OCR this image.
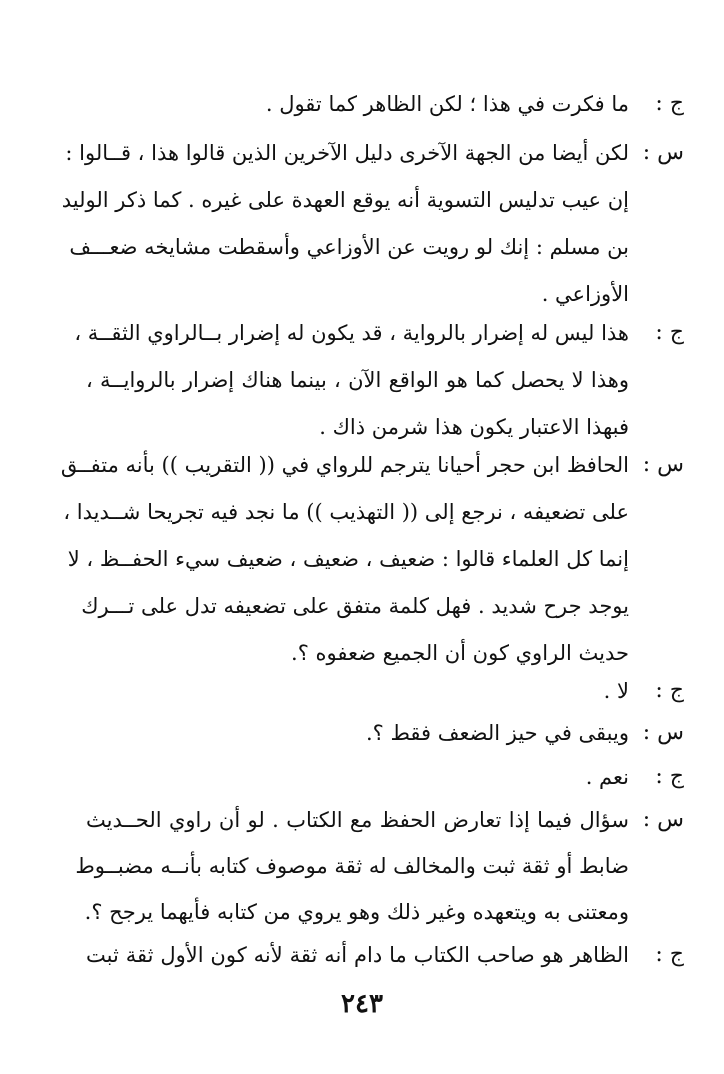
ج :
ما فكرت في هذا ؛ لكن الظاهر كما تقول .
س :
لكن أيضا من الجهة الآخرى دليل الآخرين الذين قالوا هذا ، قــالوا :
إن عيب تدليس التسوية أنه يوقع العهدة على غيره . كما ذكر الوليد
بن مسلم : إنك لو رويت عن الأوزاعي وأسقطت مشايخه ضعـــف
الأوزاعي .
ج :
هذا ليس له إضرار بالرواية ، قد يكون له إضرار بــالراوي الثقــة ،
وهذا لا يحصل كما هو الواقع الآن ، بينما هناك إضرار بالروايــة ،
فبهذا الاعتبار يكون هذا شرمن ذاك .
س :
الحافظ ابن حجر أحيانا يترجم للرواي في (( التقريب )) بأنه متفــق
على تضعيفه ، نرجع إلى (( التهذيب )) ما نجد فيه تجريحا شــديدا ،
إنما كل العلماء قالوا : ضعيف ، ضعيف ، ضعيف سيء الحفــظ ، لا
يوجد جرح شديد . فهل كلمة متفق على تضعيفه تدل على تـــرك
حديث الراوي كون أن الجميع ضعفوه ؟.
ج :
لا .
س :
ويبقى في حيز الضعف فقط ؟.
ج :
نعم .
س :
سؤال فيما إذا تعارض الحفظ مع الكتاب . لو أن راوي الحــديث
ضابط أو ثقة ثبت والمخالف له ثقة موصوف كتابه بأنــه مضبــوط
ومعتنى به ويتعهده وغير ذلك وهو يروي من كتابه فأيهما يرجح ؟.
ج :
الظاهر هو صاحب الكتاب ما دام أنه ثقة لأنه كون الأول ثقة ثبت
٢٤٣
